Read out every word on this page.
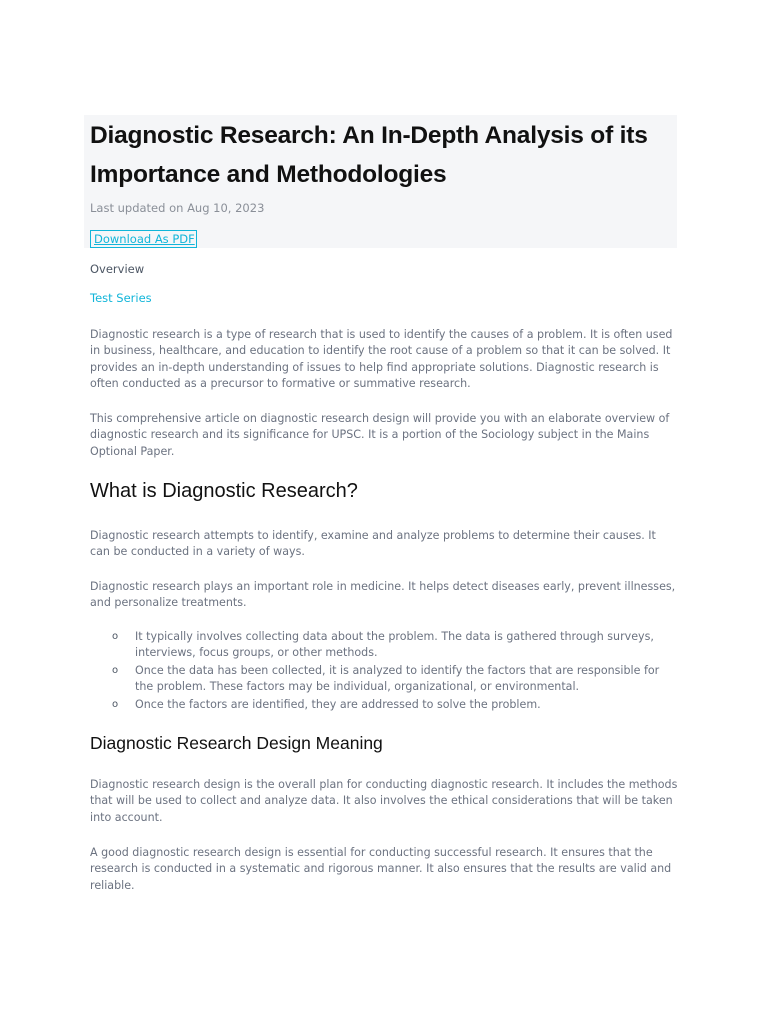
Diagnostic Research: An In-Depth Analysis of its Importance and Methodologies
Last updated on Aug 10, 2023
Download As PDF
Overview
Test Series

Diagnostic research is a type of research that is used to identify the causes of a problem. It is often used in business, healthcare, and education to identify the root cause of a problem so that it can be solved. It provides an in-depth understanding of issues to help find appropriate solutions. Diagnostic research is often conducted as a precursor to formative or summative research.

This comprehensive article on diagnostic research design will provide you with an elaborate overview of diagnostic research and its significance for UPSC. It is a portion of the Sociology subject in the Mains Optional Paper.

What is Diagnostic Research?

Diagnostic research attempts to identify, examine and analyze problems to determine their causes. It can be conducted in a variety of ways.

Diagnostic research plays an important role in medicine. It helps detect diseases early, prevent illnesses, and personalize treatments.

o It typically involves collecting data about the problem. The data is gathered through surveys, interviews, focus groups, or other methods.
o Once the data has been collected, it is analyzed to identify the factors that are responsible for the problem. These factors may be individual, organizational, or environmental.
o Once the factors are identified, they are addressed to solve the problem.
Diagnostic Research Design Meaning

Diagnostic research design is the overall plan for conducting diagnostic research. It includes the methods that will be used to collect and analyze data. It also involves the ethical considerations that will be taken into account.

A good diagnostic research design is essential for conducting successful research. It ensures that the research is conducted in a systematic and rigorous manner. It also ensures that the results are valid and reliable.
